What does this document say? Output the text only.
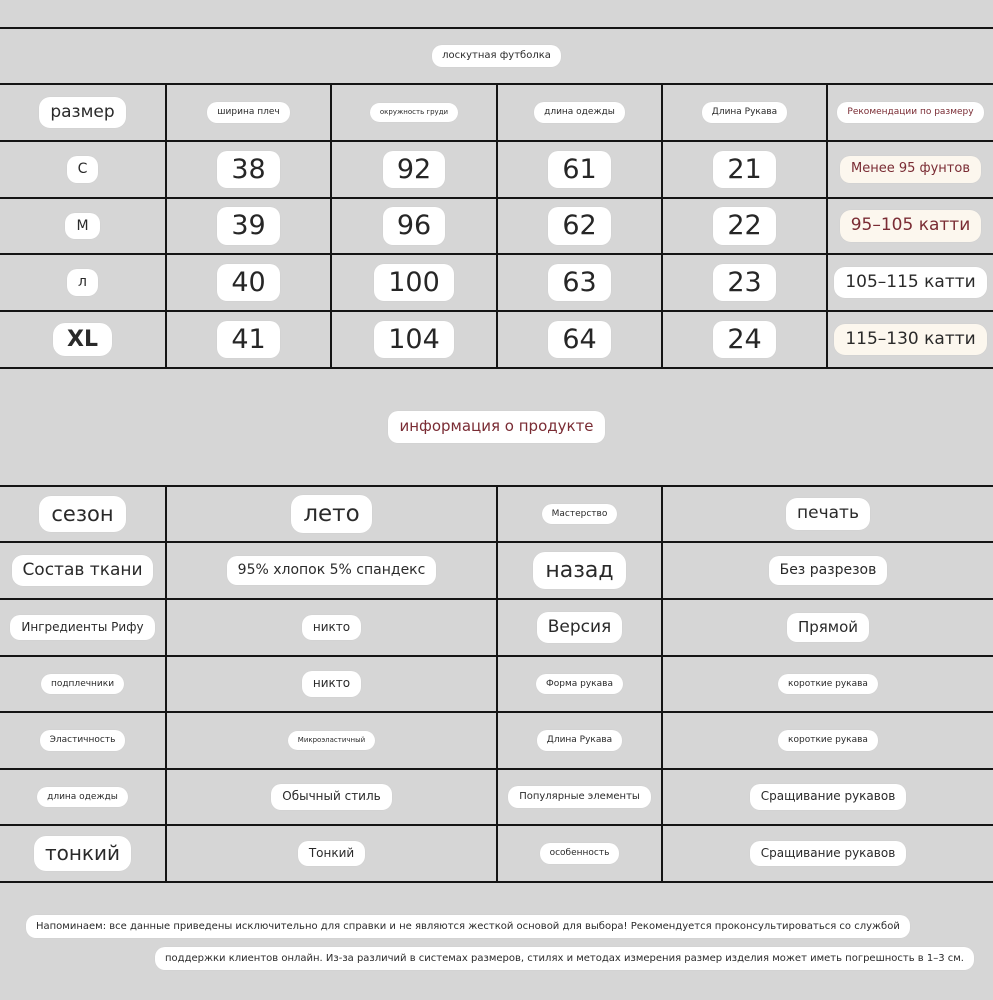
лоскутная футболка
размер	ширина плеч	окружность груди	длина одежды	Длина Рукава	Рекомендации по размеру
С	38	92	61	21	Менее 95 фунтов
М	39	96	62	22	95–105 катти
л	40	100	63	23	105–115 катти
XL	41	104	64	24	115–130 катти
информация о продукте
сезон	лето	Мастерство	печать
Состав ткани	95% хлопок 5% спандекс	назад	Без разрезов
Ингредиенты Рифу	никто	Версия	Прямой
подплечники	никто	Форма рукава	короткие рукава
Эластичность	Микроэластичный	Длина Рукава	короткие рукава
длина одежды	Обычный стиль	Популярные элементы	Сращивание рукавов
тонкий	Тонкий	особенность	Сращивание рукавов
Напоминаем: все данные приведены исключительно для справки и не являются жесткой основой для выбора! Рекомендуется проконсультироваться со службой
поддержки клиентов онлайн. Из-за различий в системах размеров, стилях и методах измерения размер изделия может иметь погрешность в 1–3 см.
